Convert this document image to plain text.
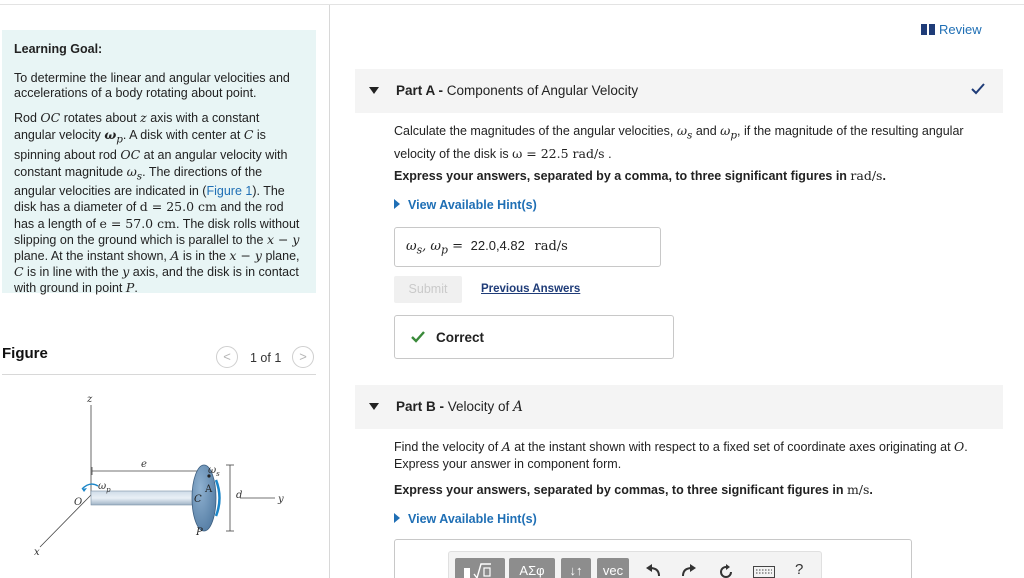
Learning Goal:
To determine the linear and angular velocities and accelerations of a body rotating about point.
Rod OC rotates about z axis with a constant angular velocity $\omega_p$. A disk with center at C is spinning about rod OC at an angular velocity with constant magnitude $\omega_s$. The directions of the angular velocities are indicated in (Figure 1). The disk has a diameter of d = 25.0 cm and the rod has a length of e = 57.0 cm. The disk rolls without slipping on the ground which is parallel to the x − y plane. At the instant shown, A is in the x − y plane, C is in line with the y axis, and the disk is in contact with ground in point P.
Figure	<	1 of 1	>
z
x
y
e
A
C
P
d
$\omega_s$
$\omega_p$
O
Review
Part A - Components of Angular Velocity
Calculate the magnitudes of the angular velocities, $\omega_s$ and $\omega_p$, if the magnitude of the resulting angular velocity of the disk is ω = 22.5 rad/s .
Express your answers, separated by a comma, to three significant figures in rad/s.
View Available Hint(s)
$\omega_s$, $\omega_p = 22.0,4.82$ rad/s
Submit	Previous Answers
Correct
Part B - Velocity of A
Find the velocity of A at the instant shown with respect to a fixed set of coordinate axes originating at O. Express your answer in component form.
Express your answers, separated by commas, to three significant figures in m/s.
View Available Hint(s)
ΑΣφ	↓↑	vec	?
